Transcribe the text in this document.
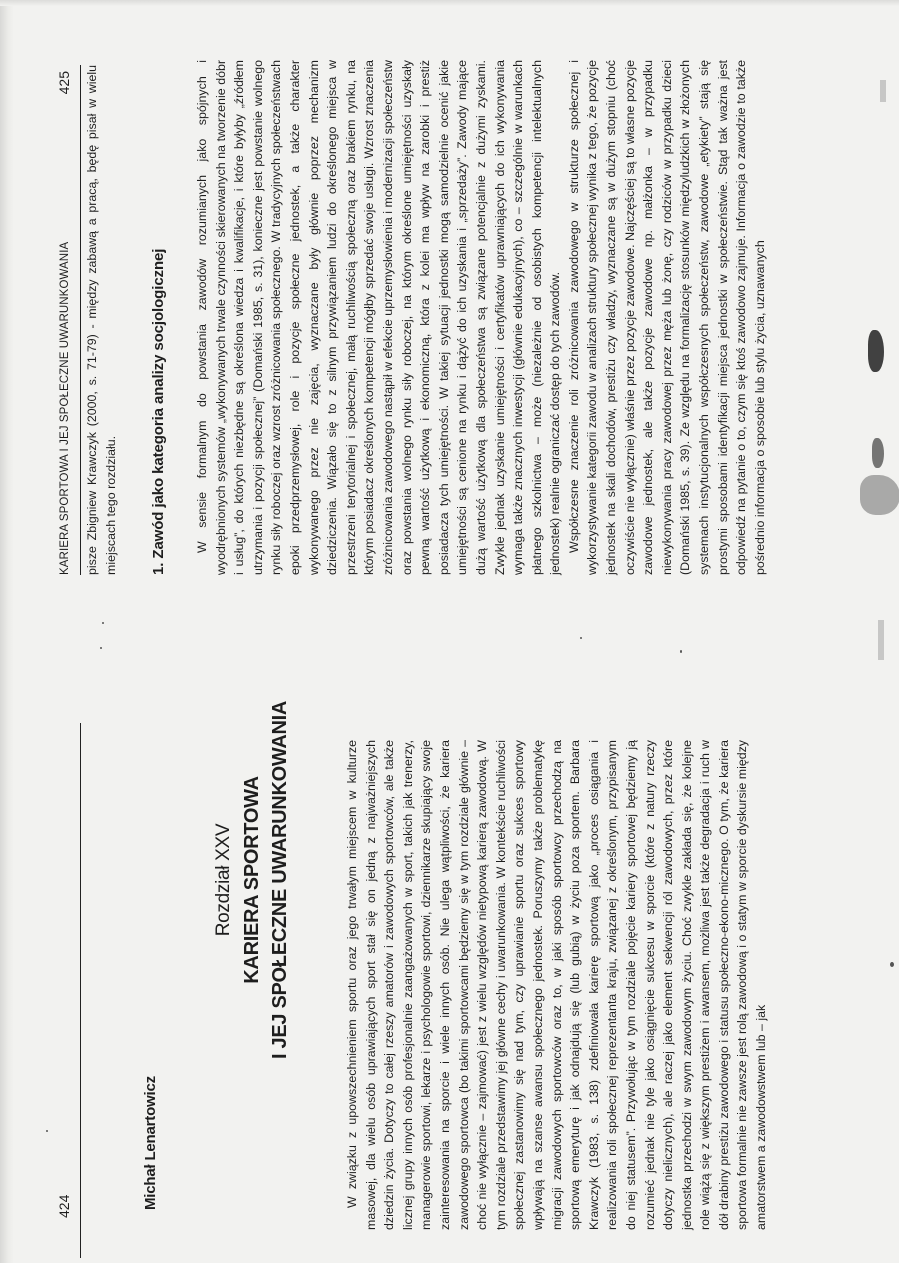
424	Michał Lenartowicz
Rozdział XXV KARIERA SPORTOWA I JEJ SPOŁECZNE UWARUNKOWANIA	W związku z upowszechnieniem sportu oraz jego trwałym miejscem w kulturze masowej, dla wielu osób uprawiających sport stał się on jedną z najważniejszych dziedzin życia. Dotyczy to całej rzeszy amatorów i zawodowych sportowców, ale także licznej grupy innych osób profesjonalnie zaangażowanych w sport, takich jak trenerzy, managerowie sportowi, lekarze i psychologowie sportowi, dziennikarze skupiający swoje zainteresowania na sporcie i wiele innych osób. Nie ulega wątpliwości, że kariera zawodowego sportowca (bo takimi sportowcami będziemy się w tym rozdziale głównie – choć nie wyłącznie – zajmować) jest z wielu względów nietypową karierą zawodową. W tym rozdziale przedstawimy jej główne cechy i uwarunkowania. W kontekście ruchliwości społecznej zastanowimy się nad tym, czy uprawianie sportu oraz sukces sportowy wpływają na szanse awansu społecznego jednostek. Poruszymy także problematykę migracji zawodowych sportowców oraz to, w jaki sposób sportowcy przechodzą na sportową emeryturę i jak odnajdują się (lub gubią) w życiu poza sportem. Barbara Krawczyk (1983, s. 138) zdefiniowała karierę sportową jako „proces osiągania i realizowania roli społecznej reprezentanta kraju, związanej z określonym, przypisanym do niej statusem”. Przywołując w tym rozdziale pojęcie kariery sportowej będziemy ją rozumieć jednak nie tyle jako osiągnięcie sukcesu w sporcie (które z natury rzeczy dotyczy nielicznych), ale raczej jako element sekwencji ról zawodowych, przez które jednostka przechodzi w swym zawodowym życiu. Choć zwykle zakłada się, że kolejne role wiążą się z większym prestiżem i awansem, możliwa jest także degradacja i ruch w dół drabiny prestiżu zawodowego i statusu społeczno-ekono-micznego. O tym, że kariera sportowa formalnie nie zawsze jest rolą zawodową i o statym w sporcie dyskursie między amatorstwem a zawodowstwem lub – jak

KARIERA SPORTOWA I JEJ SPOŁECZNE UWARUNKOWANIA
425 pisze Zbigniew Krawczyk (2000, s. 71-79) - między zabawą a pracą, będę pisał w wielu miejscach tego rozdziału. 1. Zawód jako kategoria analizy socjologicznej W sensie formalnym do powstania zawodów rozumianych jako spójnych i wyodrębnionych systemów „wykonywanych trwale czynności skierowanych na tworzenie dóbr i usług”, do których niezbędne są określona wiedza i kwalifikacje, i które byłyby „źródłem utrzymania i pozycji społecznej” (Domański 1985, s. 31), konieczne jest powstanie wolnego rynku siły roboczej oraz wzrost zróżnicowania społecznego. W tradycyjnych społeczeństwach epoki przedprzemysłowej, role i pozycje społeczne jednostek, a także charakter wykonywanego przez nie zajęcia, wyznaczane były głównie poprzez mechanizm dziedziczenia. Wiązało się to z silnym przywiązaniem ludzi do określonego miejsca w przestrzeni terytorialnej i społecznej, małą ruchliwością społeczną oraz brakiem rynku, na którym posiadacz określonych kompetencji mógłby sprzedać swoje usługi. Wzrost znaczenia zróżnicowania zawodowego nastąpił w efekcie uprzemysłowienia i modernizacji społeczeństw oraz powstania wolnego rynku siły roboczej, na którym określone umiejętności uzyskały pewną wartość użytkową i ekonomiczną, która z kolei ma wpływ na zarobki i prestiż posiadacza tych umiejętności. W takiej sytuacji jednostki mogą samodzielnie ocenić jakie umiejętności są cenione na rynku i dążyć do ich uzyskania i „sprzedaży”. Zawody mające dużą wartość użytkową dla społeczeństwa są związane potencjalnie z dużymi zyskami. Zwykle jednak uzyskanie umiejętności i certyfikatów uprawniających do ich wykonywania wymaga także znacznych inwestycji (głównie edukacyjnych), co – szczególnie w warunkach płatnego szkolnictwa – może (niezależnie od osobistych kompetencji intelektualnych jednostek) realnie ograniczać dostęp do tych zawodów. Współczesne znaczenie roli zróżnicowania zawodowego w strukturze społecznej i wykorzystywanie kategorii zawodu w analizach struktury społecznej wynika z tego, że pozycje jednostek na skali dochodów, prestiżu czy władzy, wyznaczane są w dużym stopniu (choć oczywiście nie wyłącznie) właśnie przez pozycje zawodowe. Najczęściej są to własne pozycje zawodowe jednostek, ale także pozycje zawodowe np. małżonka – w przypadku niewykonywania pracy zawodowej przez męża lub żonę, czy rodziców w przypadku dzieci (Domański 1985, s. 39). Ze względu na formalizację stosunków międzyludzkich w złożonych systemach instytucjonalnych współczesnych społeczeństw, zawodowe „etykiety” stają się prostymi sposobami identyfikacji miejsca jednostki w społeczeństwie. Stąd tak ważna jest odpowiedź na pytanie o to, czym się ktoś zawodowo zajmuje. Informacja o zawodzie to także pośrednio informacja o sposobie lub stylu życia, uznawanych
